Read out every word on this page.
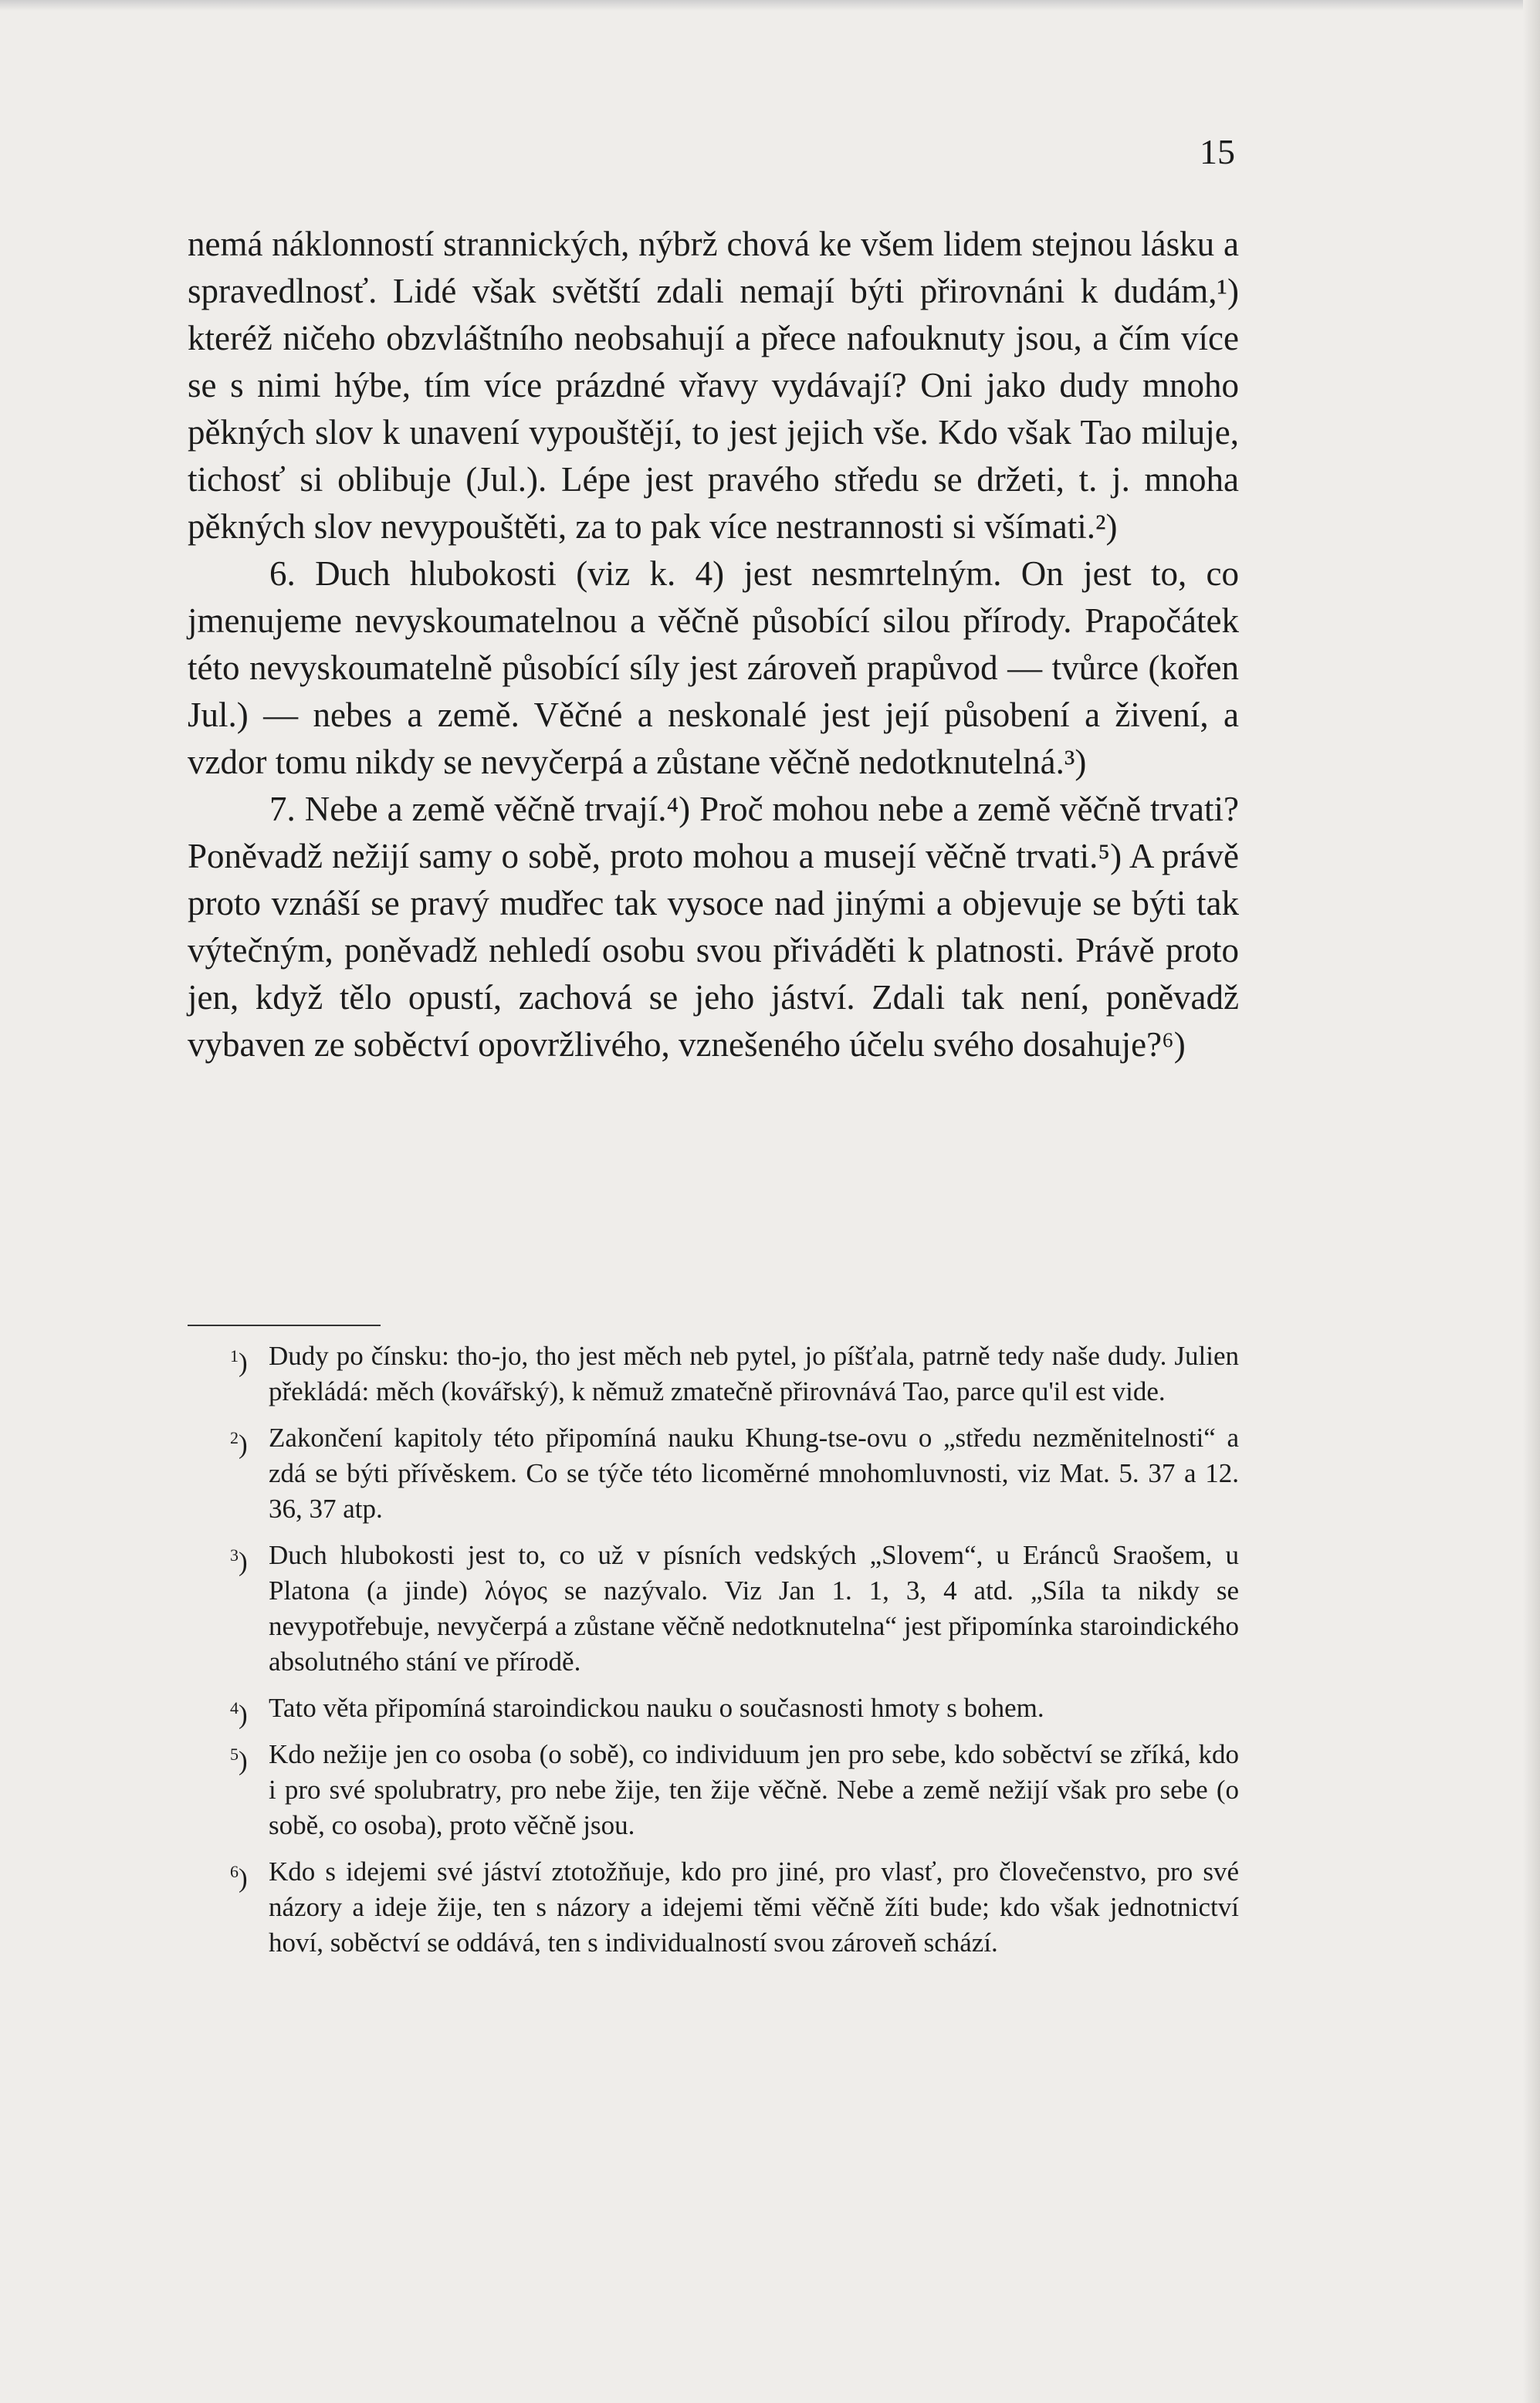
15

nemá náklonností strannických, nýbrž chová ke všem lidem stejnou lásku a spravedlnosť. Lidé však světští zdali nemají býti přirovnáni k dudám,¹) kteréž ničeho obzvláštního neobsahují a přece nafouknuty jsou, a čím více se s nimi hýbe, tím více prázdné vřavy vydávají? Oni jako dudy mnoho pěkných slov k unavení vypouštějí, to jest jejich vše. Kdo však Tao miluje, tichosť si oblibuje (Jul.). Lépe jest pravého středu se držeti, t. j. mnoha pěkných slov nevypouštěti, za to pak více nestrannosti si všímati.²)

6. Duch hlubokosti (viz k. 4) jest nesmrtelným. On jest to, co jmenujeme nevyskoumatelnou a věčně působící silou přírody. Prapočátek této nevyskoumatelně působící síly jest zároveň prapůvod — tvůrce (kořen Jul.) — nebes a země. Věčné a neskonalé jest její působení a živení, a vzdor tomu nikdy se nevyčerpá a zůstane věčně nedotknutelná.³)

7. Nebe a země věčně trvají.⁴) Proč mohou nebe a země věčně trvati? Poněvadž nežijí samy o sobě, proto mohou a musejí věčně trvati.⁵) A právě proto vznáší se pravý mudřec tak vysoce nad jinými a objevuje se býti tak výtečným, poněvadž nehledí osobu svou přiváděti k platnosti. Právě proto jen, když tělo opustí, zachová se jeho jáství. Zdali tak není, poněvadž vybaven ze soběctví opovržlivého, vznešeného účelu svého dosahuje?⁶)

$^1$) Dudy po čínsku: tho-jo, tho jest měch neb pytel, jo píšťala, patrně tedy naše dudy. Julien překládá: měch (kovářský), k němuž zmatečně přirovnává Tao, parce qu'il est vide.
$^2$) Zakončení kapitoly této připomíná nauku Khung-tse-ovu o „středu nezměnitelnosti“ a zdá se býti přívěskem. Co se týče této licoměrné mnohomluvnosti, viz Mat. 5. 37 a 12. 36, 37 atp.
$^3$) Duch hlubokosti jest to, co už v písních vedských „Slovem“, u Eránců Sraošem, u Platona (a jinde) λόγος se nazývalo. Viz Jan 1. 1, 3, 4 atd. „Síla ta nikdy se nevypotřebuje, nevyčerpá a zůstane věčně nedotknutelna“ jest připomínka staroindického absolutného stání ve přírodě.
$^4$) Tato věta připomíná staroindickou nauku o současnosti hmoty s bohem.
$^5$) Kdo nežije jen co osoba (o sobě), co individuum jen pro sebe, kdo soběctví se zříká, kdo i pro své spolubratry, pro nebe žije, ten žije věčně. Nebe a země nežijí však pro sebe (o sobě, co osoba), proto věčně jsou.
$^6$) Kdo s idejemi své jáství ztotožňuje, kdo pro jiné, pro vlasť, pro človečenstvo, pro své názory a ideje žije, ten s názory a idejemi těmi věčně žíti bude; kdo však jednotnictví hoví, soběctví se oddává, ten s individualností svou zároveň schází.
